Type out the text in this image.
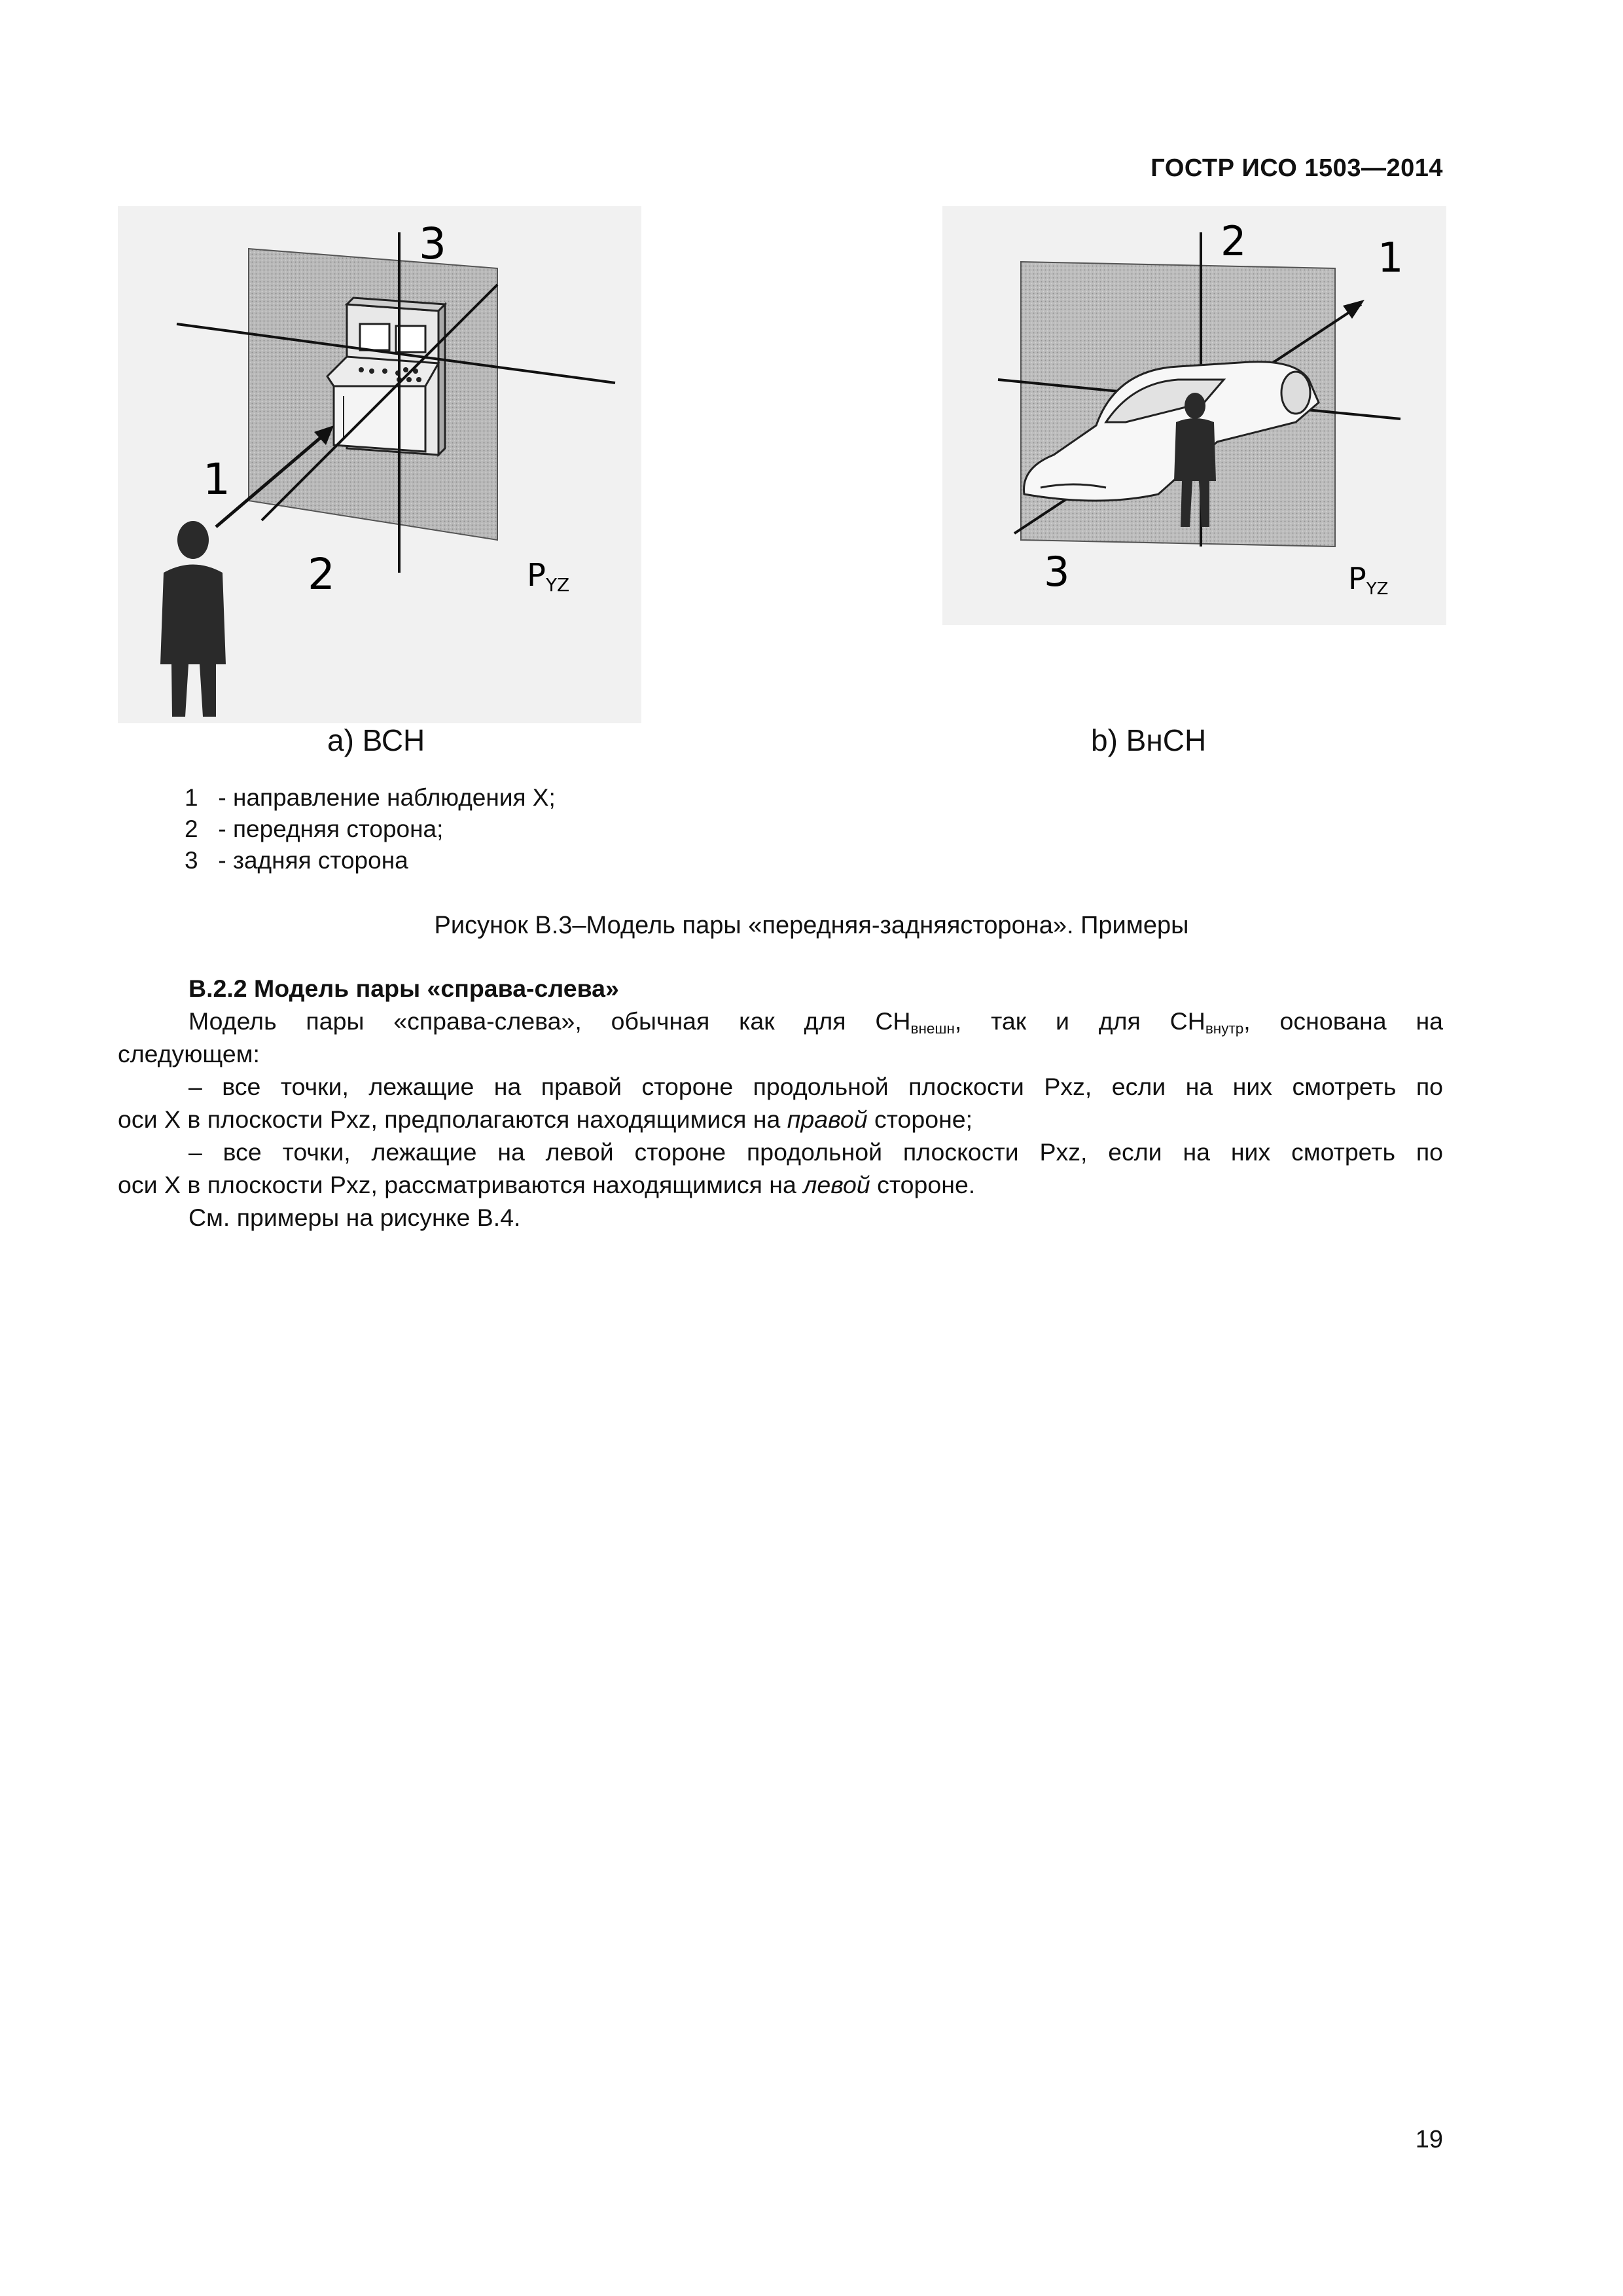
ГОСТР ИСО 1503—2014
3
1
2	PYZ
2	1
3	PYZ
a) ВСН	b) ВнСН
1   - направление наблюдения X;
2   - передняя сторона;
3   - задняя сторона
Рисунок В.3–Модель пары «передняя-задняясторона». Примеры
В.2.2 Модель пары «справа-слева»
Модель пары «справа-слева», обычная как для $СН_{внешн}$, так и для $СН_{внутр}$, основана на
следующем:
– все точки, лежащие на правой стороне продольной плоскости Pxz, если на них смотреть по
оси X в плоскости Pxz, предполагаются находящимися на правой стороне;
– все точки, лежащие на левой стороне продольной плоскости Pxz, если на них смотреть по
оси X в плоскости Pxz, рассматриваются находящимися на левой стороне.
См. примеры на рисунке В.4.
19
